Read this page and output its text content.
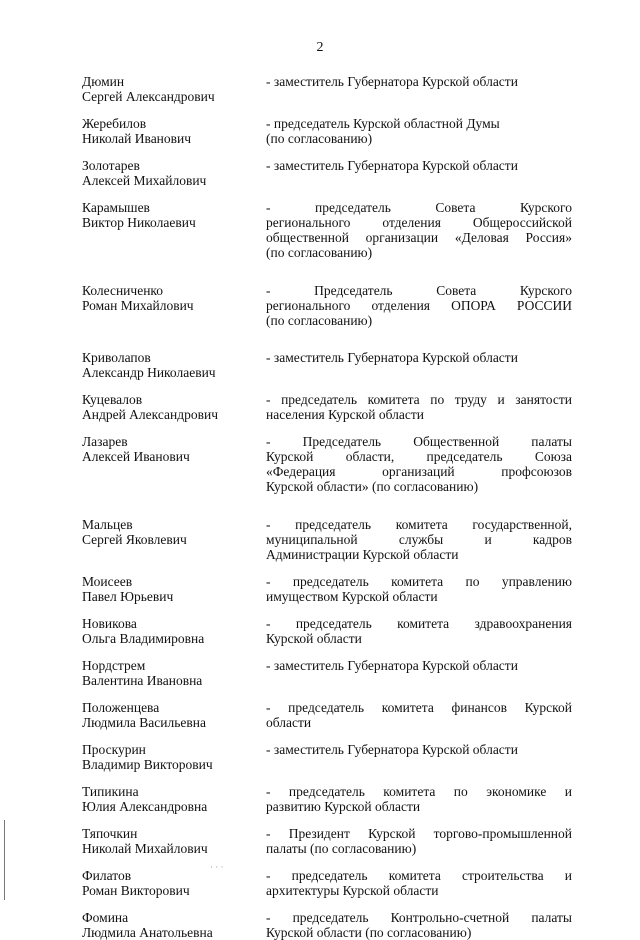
2
Дюмин
Сергей Александрович
- заместитель Губернатора Курской области
Жеребилов
Николай Иванович
- председатель Курской областной Думы
(по согласованию)
Золотарев
Алексей Михайлович
- заместитель Губернатора Курской области
Карамышев
Виктор Николаевич
- председатель Совета Курского
регионального отделения Общероссийской
общественной организации «Деловая Россия»
(по согласованию)
Колесниченко
Роман Михайлович
- Председатель Совета Курского
регионального отделения ОПОРА РОССИИ
(по согласованию)
Криволапов
Александр Николаевич
- заместитель Губернатора Курской области
Куцевалов
Андрей Александрович
- председатель комитета по труду и занятости
населения Курской области
Лазарев
Алексей Иванович
- Председатель Общественной палаты
Курской области, председатель Союза
«Федерация организаций профсоюзов
Курской области» (по согласованию)
Мальцев
Сергей Яковлевич
- председатель комитета государственной,
муниципальной службы и кадров
Администрации Курской области
Моисеев
Павел Юрьевич
- председатель комитета по управлению
имуществом Курской области
Новикова
Ольга Владимировна
- председатель комитета здравоохранения
Курской области
Нордстрем
Валентина Ивановна
- заместитель Губернатора Курской области
Положенцева
Людмила Васильевна
- председатель комитета финансов Курской
области
Проскурин
Владимир Викторович
- заместитель Губернатора Курской области
Типикина
Юлия Александровна
- председатель комитета по экономике и
развитию Курской области
Тяпочкин
Николай Михайлович
- Президент Курской торгово-промышленной
палаты (по согласованию)
Филатов
Роман Викторович
- председатель комитета строительства и
архитектуры Курской области
Фомина
Людмила Анатольевна
- председатель Контрольно-счетной палаты
Курской области (по согласованию)
· · ·
